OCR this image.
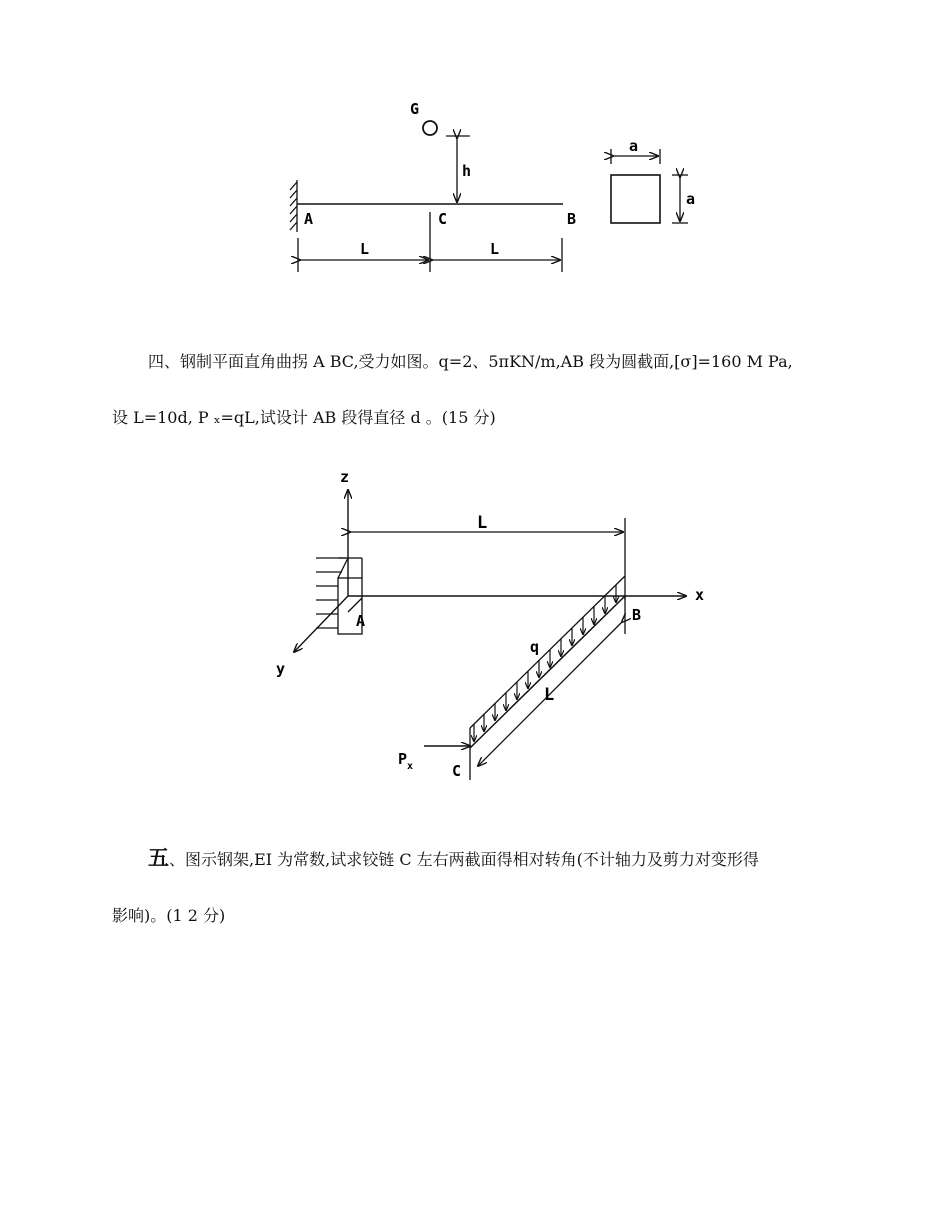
G
h
A	C	B
L	L
a
a

四、钢制平面直角曲拐 A BC,受力如图。q=2、5πKN/m,AB 段为圆截面,[σ]=160 M Pa,
设 L=10d, P ₓ=qL,试设计 AB 段得直径 d 。(15 分)

z
x
y
A
L
B
q
L
C
$P_x$

五、图示钢架,EI 为常数,试求铰链 C 左右两截面得相对转角(不计轴力及剪力对变形得
影响)。(1 2 分)
